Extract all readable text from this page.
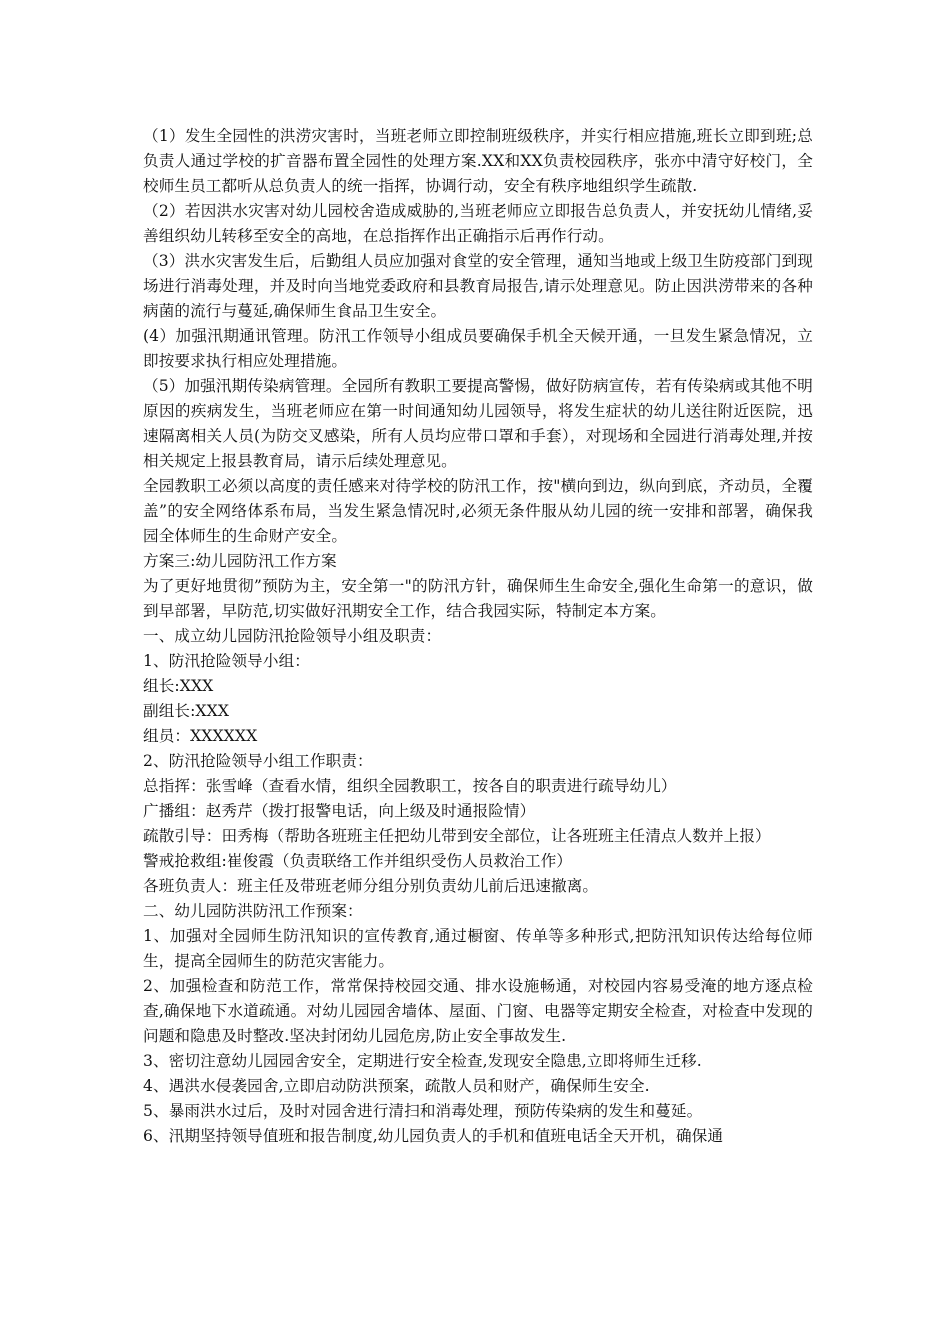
（1）发生全园性的洪涝灾害时，当班老师立即控制班级秩序，并实行相应措施,班长立即到班;总负责人通过学校的扩音器布置全园性的处理方案.XX和XX负责校园秩序，张亦中清守好校门，全校师生员工都听从总负责人的统一指挥，协调行动，安全有秩序地组织学生疏散.

（2）若因洪水灾害对幼儿园校舍造成威胁的,当班老师应立即报告总负责人，并安抚幼儿情绪,妥善组织幼儿转移至安全的高地，在总指挥作出正确指示后再作行动。

（3）洪水灾害发生后，后勤组人员应加强对食堂的安全管理，通知当地或上级卫生防疫部门到现场进行消毒处理，并及时向当地党委政府和县教育局报告,请示处理意见。防止因洪涝带来的各种病菌的流行与蔓延,确保师生食品卫生安全。

(4）加强汛期通讯管理。防汛工作领导小组成员要确保手机全天候开通，一旦发生紧急情况，立即按要求执行相应处理措施。

（5）加强汛期传染病管理。全园所有教职工要提高警惕，做好防病宣传，若有传染病或其他不明原因的疾病发生，当班老师应在第一时间通知幼儿园领导，将发生症状的幼儿送往附近医院，迅速隔离相关人员(为防交叉感染，所有人员均应带口罩和手套），对现场和全园进行消毒处理,并按相关规定上报县教育局，请示后续处理意见。

全园教职工必须以高度的责任感来对待学校的防汛工作，按"横向到边，纵向到底，齐动员，全覆盖”的安全网络体系布局，当发生紧急情况时,必须无条件服从幼儿园的统一安排和部署，确保我园全体师生的生命财产安全。

方案三:幼儿园防汛工作方案

为了更好地贯彻”预防为主，安全第一"的防汛方针，确保师生生命安全,强化生命第一的意识，做到早部署，早防范,切实做好汛期安全工作，结合我园实际，特制定本方案。

一、成立幼儿园防汛抢险领导小组及职责：

1、防汛抢险领导小组：

组长:XXX

副组长:XXX

组员：XXXXXX

2、防汛抢险领导小组工作职责：

总指挥：张雪峰（查看水情，组织全园教职工，按各自的职责进行疏导幼儿）

广播组：赵秀芹（拨打报警电话，向上级及时通报险情）

疏散引导：田秀梅（帮助各班班主任把幼儿带到安全部位，让各班班主任清点人数并上报）

警戒抢救组:崔俊霞（负责联络工作并组织受伤人员救治工作）

各班负责人：班主任及带班老师分组分别负责幼儿前后迅速撤离。

二、幼儿园防洪防汛工作预案：

1、加强对全园师生防汛知识的宣传教育,通过橱窗、传单等多种形式,把防汛知识传达给每位师生，提高全园师生的防范灾害能力。

2、加强检查和防范工作，常常保持校园交通、排水设施畅通，对校园内容易受淹的地方逐点检查,确保地下水道疏通。对幼儿园园舍墙体、屋面、门窗、电器等定期安全检查，对检查中发现的问题和隐患及时整改.坚决封闭幼儿园危房,防止安全事故发生.

3、密切注意幼儿园园舍安全，定期进行安全检查,发现安全隐患,立即将师生迁移.

4、遇洪水侵袭园舍,立即启动防洪预案，疏散人员和财产，确保师生安全.

5、暴雨洪水过后，及时对园舍进行清扫和消毒处理，预防传染病的发生和蔓延。

6、汛期坚持领导值班和报告制度,幼儿园负责人的手机和值班电话全天开机，确保通
